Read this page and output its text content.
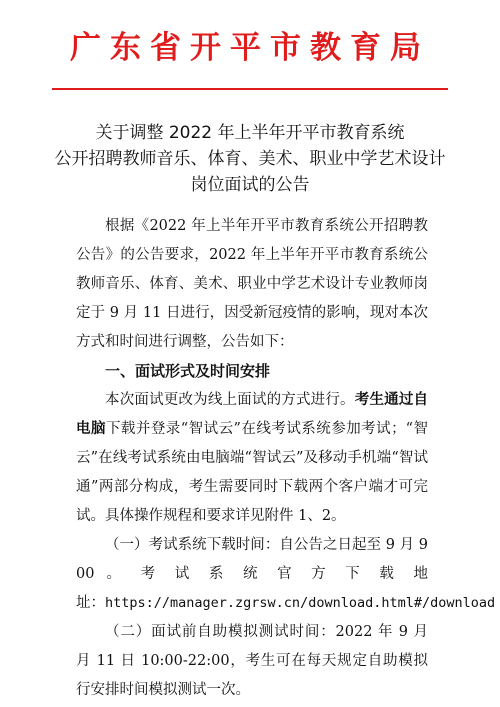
广东省开平市教育局
关于调整 2022 年上半年开平市教育系统
公开招聘教师音乐、体育、美术、职业中学艺术设计
岗位面试的公告
根据《2022 年上半年开平市教育系统公开招聘教
公告》的公告要求，2022 年上半年开平市教育系统公
教师音乐、体育、美术、职业中学艺术设计专业教师岗
定于 9 月 11 日进行，因受新冠疫情的影响，现对本次
方式和时间进行调整，公告如下：
一、面试形式及时间安排
本次面试更改为线上面试的方式进行。考生通过自
电脑下载并登录“智试云”在线考试系统参加考试；“智
云”在线考试系统由电脑端“智试云”及移动手机端“智试
通”两部分构成，考生需要同时下载两个客户端才可完
试。具体操作规程和要求详见附件 1、2。
（一）考试系统下载时间：自公告之日起至 9 月 9
00 。 考 试 系 统 官 方 下 载 地
址：https://manager.zgrsw.cn/download.html#/download
（二）面试前自助模拟测试时间：2022 年 9 月
月 11 日 10:00-22:00，考生可在每天规定自助模拟
行安排时间模拟测试一次。
